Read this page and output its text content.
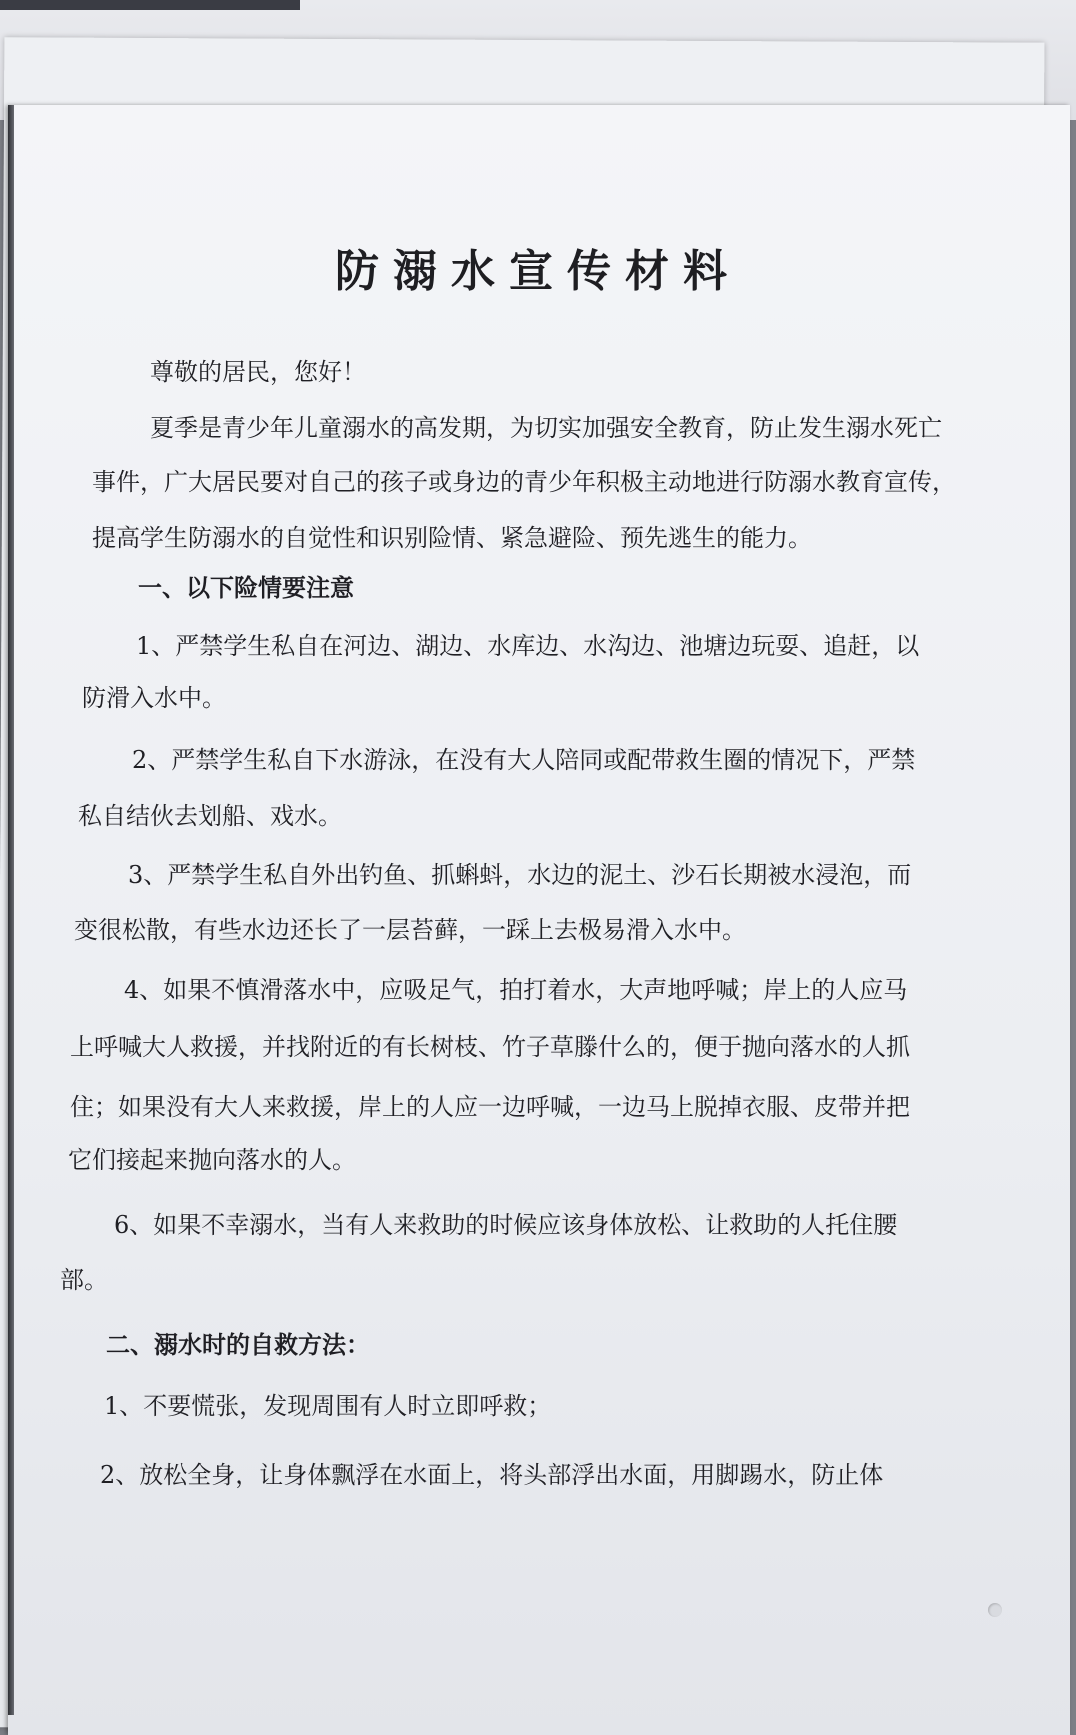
防溺水宣传材料

尊敬的居民，您好！

夏季是青少年儿童溺水的高发期，为切实加强安全教育，防止发生溺水死亡

事件，广大居民要对自己的孩子或身边的青少年积极主动地进行防溺水教育宣传，

提高学生防溺水的自觉性和识别险情、紧急避险、预先逃生的能力。

一、以下险情要注意

1、严禁学生私自在河边、湖边、水库边、水沟边、池塘边玩耍、追赶，以

防滑入水中。

2、严禁学生私自下水游泳，在没有大人陪同或配带救生圈的情况下，严禁

私自结伙去划船、戏水。

3、严禁学生私自外出钓鱼、抓蝌蚪，水边的泥土、沙石长期被水浸泡，而

变很松散，有些水边还长了一层苔藓，一踩上去极易滑入水中。

4、如果不慎滑落水中，应吸足气，拍打着水，大声地呼喊；岸上的人应马

上呼喊大人救援，并找附近的有长树枝、竹子草滕什么的，便于抛向落水的人抓

住；如果没有大人来救援，岸上的人应一边呼喊，一边马上脱掉衣服、皮带并把

它们接起来抛向落水的人。

6、如果不幸溺水，当有人来救助的时候应该身体放松、让救助的人托住腰

部。

二、溺水时的自救方法：

1、不要慌张，发现周围有人时立即呼救；

2、放松全身，让身体飘浮在水面上，将头部浮出水面，用脚踢水，防止体
